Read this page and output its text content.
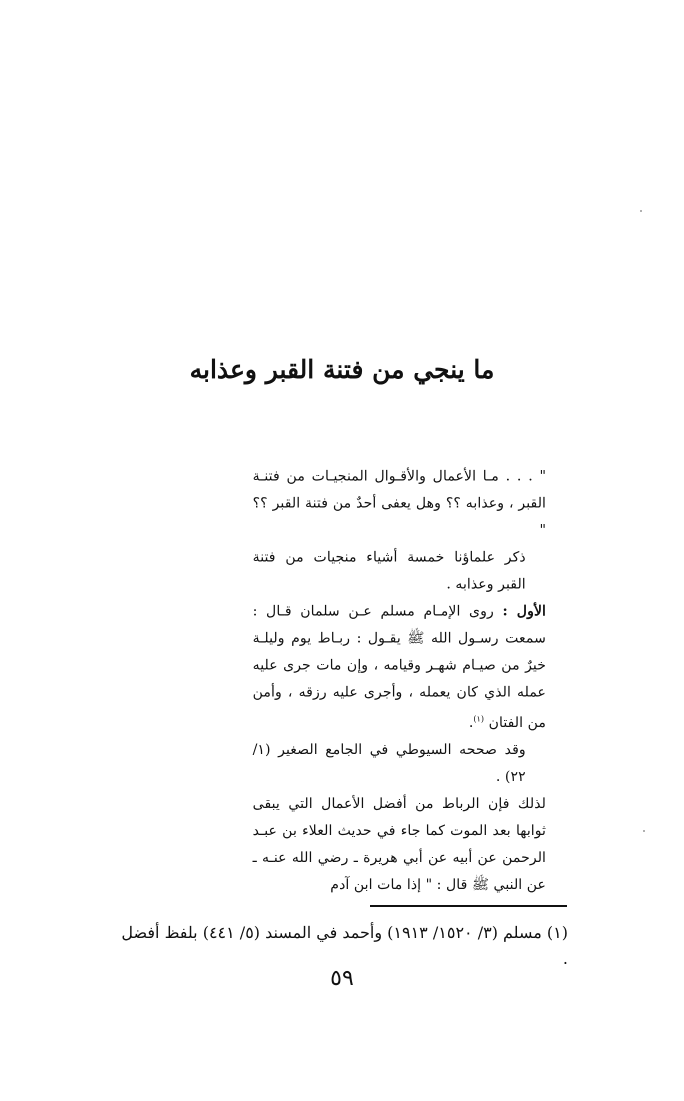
ما ينجي من فتنة القبر وعذابه

" . . . مـا الأعمال والأقـوال المنجيـات من فتنـة القبر ، وعذابه ؟؟ وهل يعفى أحدٌ من فتنة القبر ؟؟ "

ذكر علماؤنا خمسة أشياء منجيات من فتنة القبر وعذابه .

الأول : روى الإمـام مسلم عـن سلمان قـال : سمعت رسـول الله ﷺ يقـول : ربـاط يوم وليلـة خيرٌ من صيـام شهـر وقيامه ، وإن مات جرى عليه عمله الذي كان يعمله ، وأجرى عليه رزقه ، وأمن من الفتان $^{(١)}$.

وقد صححه السيوطي في الجامع الصغير (١/ ٢٢) .

لذلك فإن الرباط من أفضل الأعمال التي يبقى ثوابها بعد الموت كما جاء في حديث العلاء بن عبـد الرحمن عن أبيه عن أبي هريرة ـ رضي الله عنـه ـ عن النبي ﷺ قال : " إذا مات ابن آدم

(١) مسلم (٣/ ١٥٢٠/ ١٩١٣) وأحمد في المسند (٥/ ٤٤١) بلفظ أفضل .
٥٩
